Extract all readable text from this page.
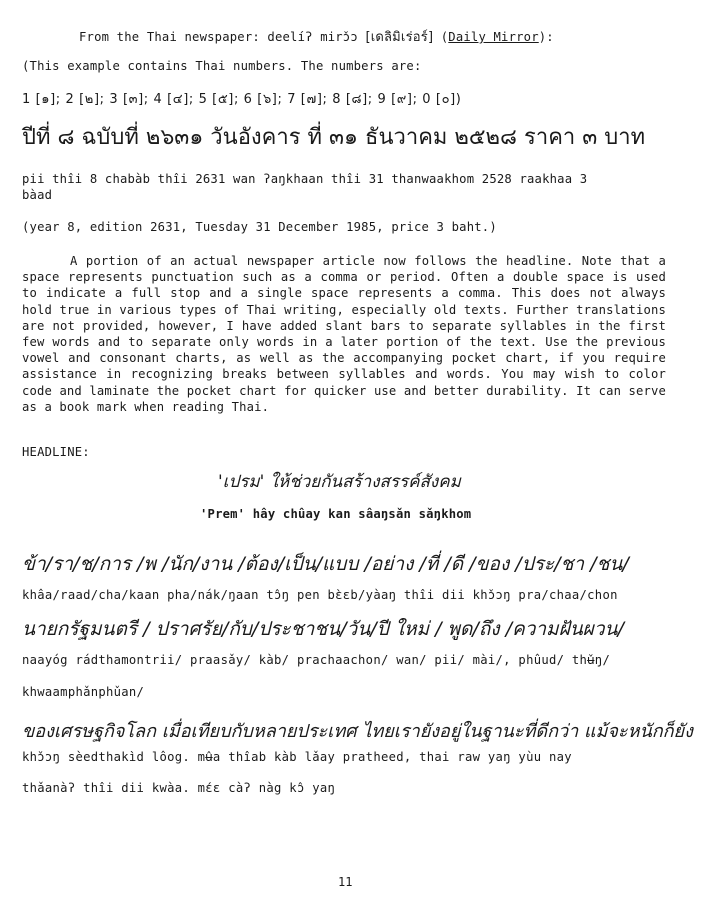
From the Thai newspaper: deelíʔ mirɔ̌ɔ [เดลิมิเร่อร์] (Daily Mirror):
(This example contains Thai numbers. The numbers are:
1 [๑]; 2 [๒]; 3 [๓]; 4 [๔]; 5 [๕]; 6 [๖]; 7 [๗]; 8 [๘]; 9 [๙]; 0 [๐])
ปีที่ ๘ ฉบับที่ ๒๖๓๑ วันอังคาร ที่ ๓๑ ธันวาคม ๒๕๒๘ ราคา ๓ บาท
pii thîi 8 chabàb thîi 2631 wan ʔaŋkhaan thîi 31 thanwaakhom 2528 raakhaa 3
bàad
(year 8, edition 2631, Tuesday 31 December 1985, price 3 baht.)

A portion of an actual newspaper article now follows the headline. Note that a space represents punctuation such as a comma or period. Often a double space is used to indicate a full stop and a single space represents a comma. This does not always hold true in various types of Thai writing, especially old texts. Further translations are not provided, however, I have added slant bars to separate syllables in the first few words and to separate only words in a later portion of the text. Use the previous vowel and consonant charts, as well as the accompanying pocket chart, if you require assistance in recognizing breaks between syllables and words. You may wish to color code and laminate the pocket chart for quicker use and better durability. It can serve as a book mark when reading Thai.

HEADLINE:
'เปรม' ให้ช่วยกันสร้างสรรค์สังคม
'Prem' hây chûay kan sâaŋsǎn sǎŋkhom
ข้า/รา/ช/การ /พ /นัก/งาน /ต้อง/เป็น/แบบ /อย่าง /ที่ /ดี /ของ /ประ/ชา /ชน/
khâa/raad/cha/kaan pha/nák/ŋaan tɔ̂ŋ pen bɛ̀ɛb/yàaŋ thîi dii khɔ̌ɔŋ pra/chaa/chon
นายกรัฐมนตรี / ปราศรัย/กับ/ประชาชน/วัน/ปี ใหม่ / พูด/ถึง /ความฝันผวน/
naayóg rádthamontrii/ praasǎy/ kàb/ prachaachon/ wan/ pii/ mài/, phûud/ thʉ̌ŋ/
khwaamphǎnphǔan/
ของเศรษฐกิจโลก เมื่อเทียบกับหลายประเทศ ไทยเรายังอยู่ในฐานะที่ดีกว่า แม้จะหนักก็ยัง
khɔ̌ɔŋ sèedthakìd lôog. mʉ̂a thîab kàb lǎay pratheed, thai raw yaŋ yùu nay
thǎanàʔ thîi dii kwàa. mɛ́ɛ càʔ nàg kɔ̂ yaŋ
11
